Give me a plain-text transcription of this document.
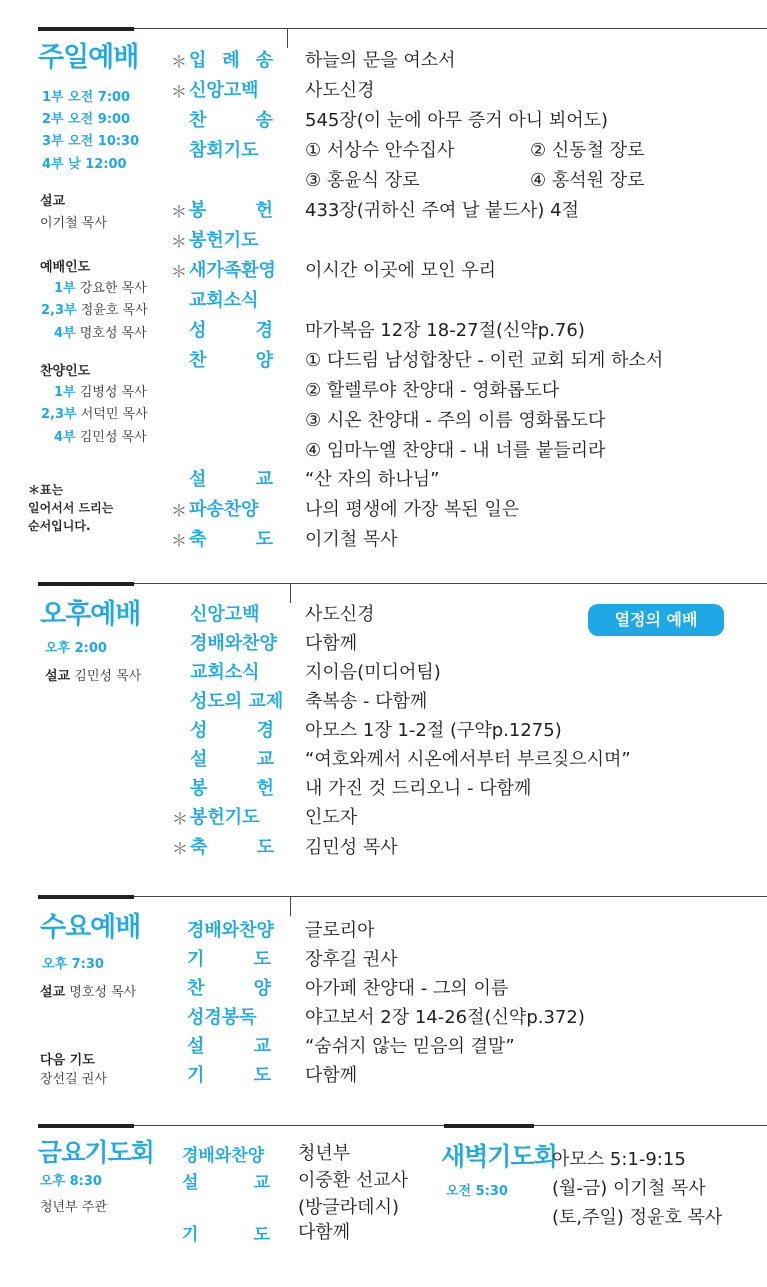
주일예배
1부 오전 7:00
2부 오전 9:00
3부 오전 10:30
4부 낮 12:00
설교
이기철 목사
예배인도
1부 강요한 목사
2,3부 정윤호 목사
4부 명호성 목사
찬양인도
1부 김병성 목사
2,3부 서덕민 목사
4부 김민성 목사
＊표는
일어서서 드리는
순서입니다.
＊ 입 례 송 하늘의 문을 여소서
＊ 신앙고백	사도신경
찬 송 545장(이 눈에 아무 증거 아니 뵈어도)
참회기도	① 서상수 안수집사	② 신동철 장로
③ 홍윤식 장로	④ 홍석원 장로
＊ 봉 헌 433장(귀하신 주여 날 붙드사) 4절
＊ 봉헌기도
＊ 새가족환영 이시간 이곳에 모인 우리
교회소식
성 경 마가복음 12장 18-27절(신약p.76)
찬 양 ① 다드림 남성합창단 - 이런 교회 되게 하소서
② 할렐루야 찬양대 - 영화롭도다
③ 시온 찬양대 - 주의 이름 영화롭도다
④ 임마누엘 찬양대 - 내 너를 붙들리라
설 교 “산 자의 하나님”
＊ 파송찬양	나의 평생에 가장 복된 일은
＊ 축 도 이기철 목사
오후예배
오후 2:00
설교 김민성 목사
열정의 예배
신앙고백	사도신경
경배와찬양 다함께
교회소식	지이음(미디어팀)
성도의 교제 축복송 - 다함께
성 경 아모스 1장 1-2절 (구약p.1275)
설 교 “여호와께서 시온에서부터 부르짖으시며”
봉 헌 내 가진 것 드리오니 - 다함께
＊ 봉헌기도	인도자
＊ 축 도 김민성 목사
수요예배
오후 7:30
설교 명호성 목사
다음 기도
장선길 권사
경배와찬양 글로리아
기 도 장후길 권사
찬 양 아가페 찬양대 - 그의 이름
성경봉독	야고보서 2장 14-26절(신약p.372)
설 교 “숨쉬지 않는 믿음의 결말”
기 도 다함께
금요기도회
오후 8:30
청년부 주관
경배와찬양 청년부
설 교 이중환 선교사
(방글라데시)
기 도 다함께
새벽기도회
오전 5:30
아모스 5:1-9:15
(월-금) 이기철 목사
(토,주일) 정윤호 목사
